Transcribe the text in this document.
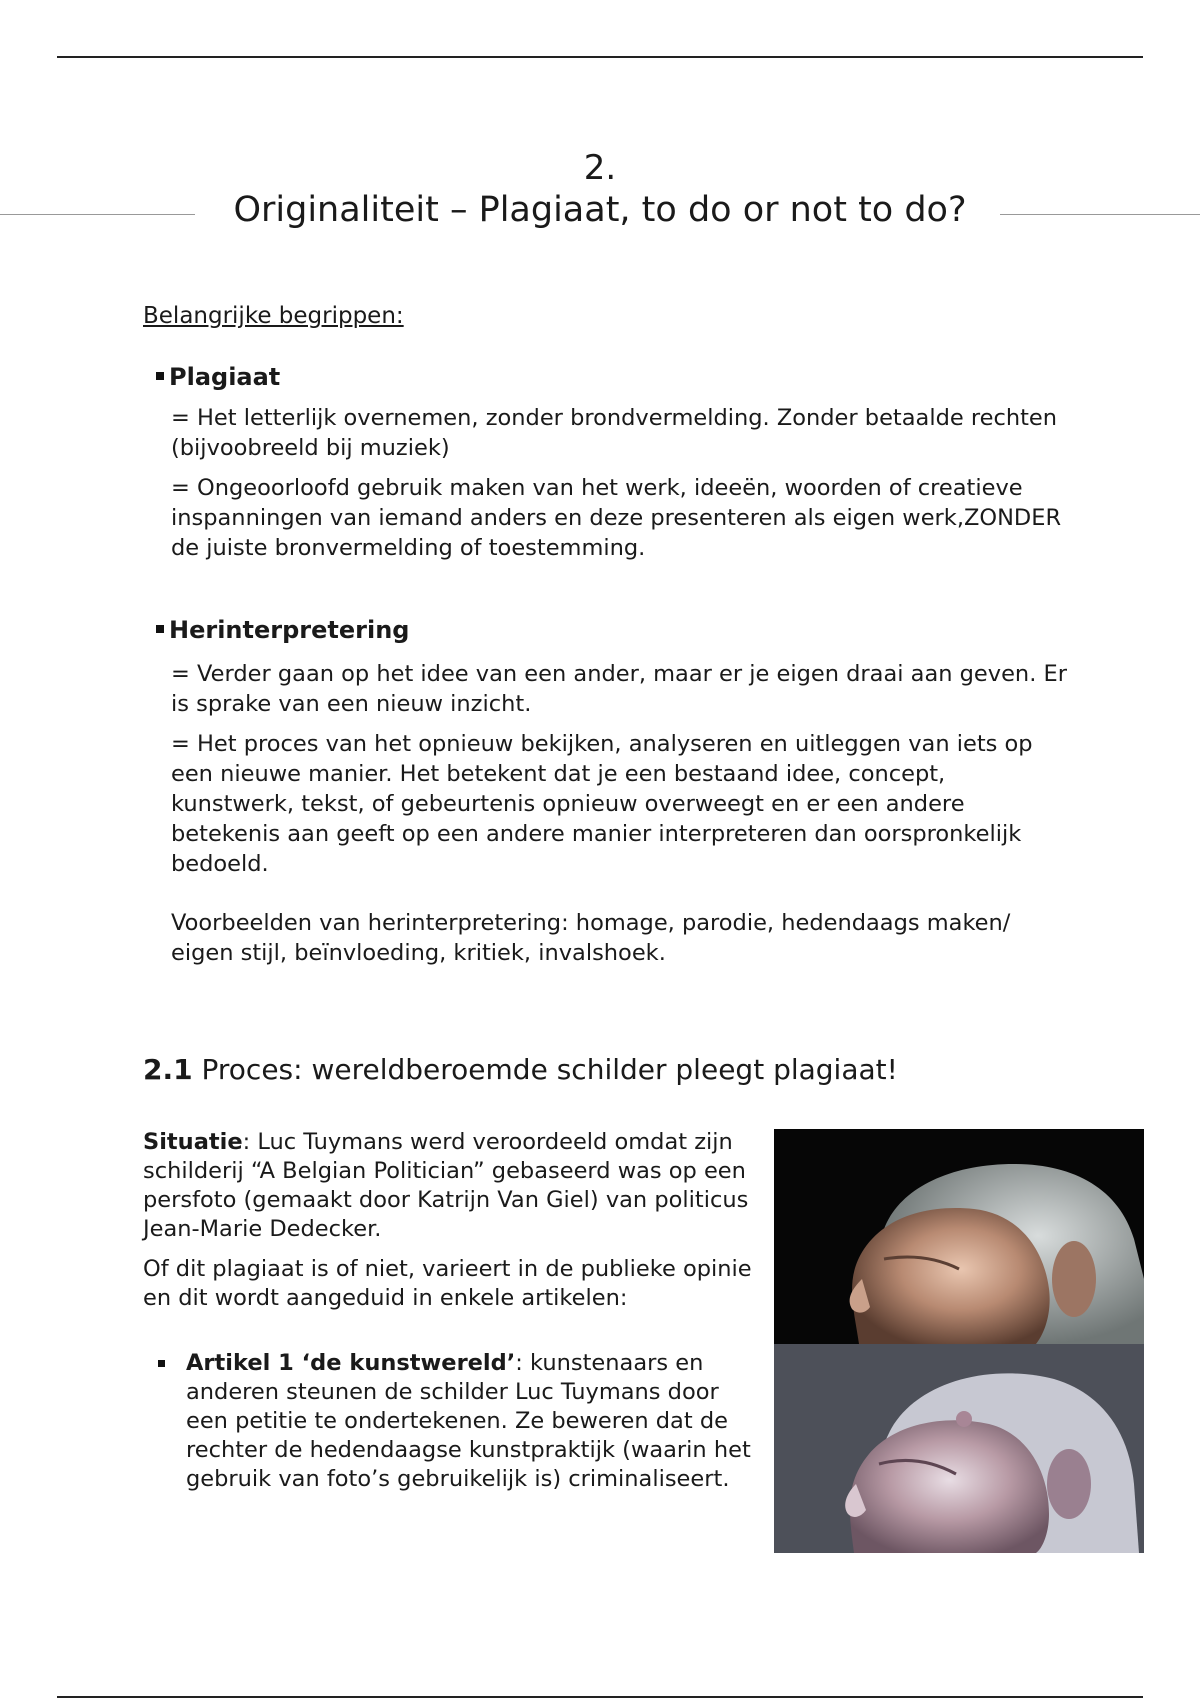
2.
Originaliteit – Plagiaat, to do or not to do?
Belangrijke begrippen:
Plagiaat

= Het letterlijk overnemen, zonder brondvermelding. Zonder betaalde rechten (bijvoobreeld bij muziek)

= Ongeoorloofd gebruik maken van het werk, ideeën, woorden of creatieve inspanningen van iemand anders en deze presenteren als eigen werk,ZONDER de juiste bronvermelding of toestemming.

Herinterpretering

= Verder gaan op het idee van een ander, maar er je eigen draai aan geven. Er is sprake van een nieuw inzicht.

= Het proces van het opnieuw bekijken, analyseren en uitleggen van iets op een nieuwe manier. Het betekent dat je een bestaand idee, concept, kunstwerk, tekst, of gebeurtenis opnieuw overweegt en er een andere betekenis aan geeft op een andere manier interpreteren dan oorspronkelijk bedoeld.

Voorbeelden van herinterpretering: homage, parodie, hedendaags maken/ eigen stijl, beïnvloeding, kritiek, invalshoek.
2.1 Proces: wereldberoemde schilder pleegt plagiaat!

Situatie: Luc Tuymans werd veroordeeld omdat zijn schilderij “A Belgian Politician” gebaseerd was op een persfoto (gemaakt door Katrijn Van Giel) van politicus Jean-Marie Dedecker.

Of dit plagiaat is of niet, varieert in de publieke opinie en dit wordt aangeduid in enkele artikelen:

Artikel 1 ‘de kunstwereld’: kunstenaars en anderen steunen de schilder Luc Tuymans door een petitie te ondertekenen. Ze beweren dat de rechter de hedendaagse kunstpraktijk (waarin het gebruik van foto’s gebruikelijk is) criminaliseert.
